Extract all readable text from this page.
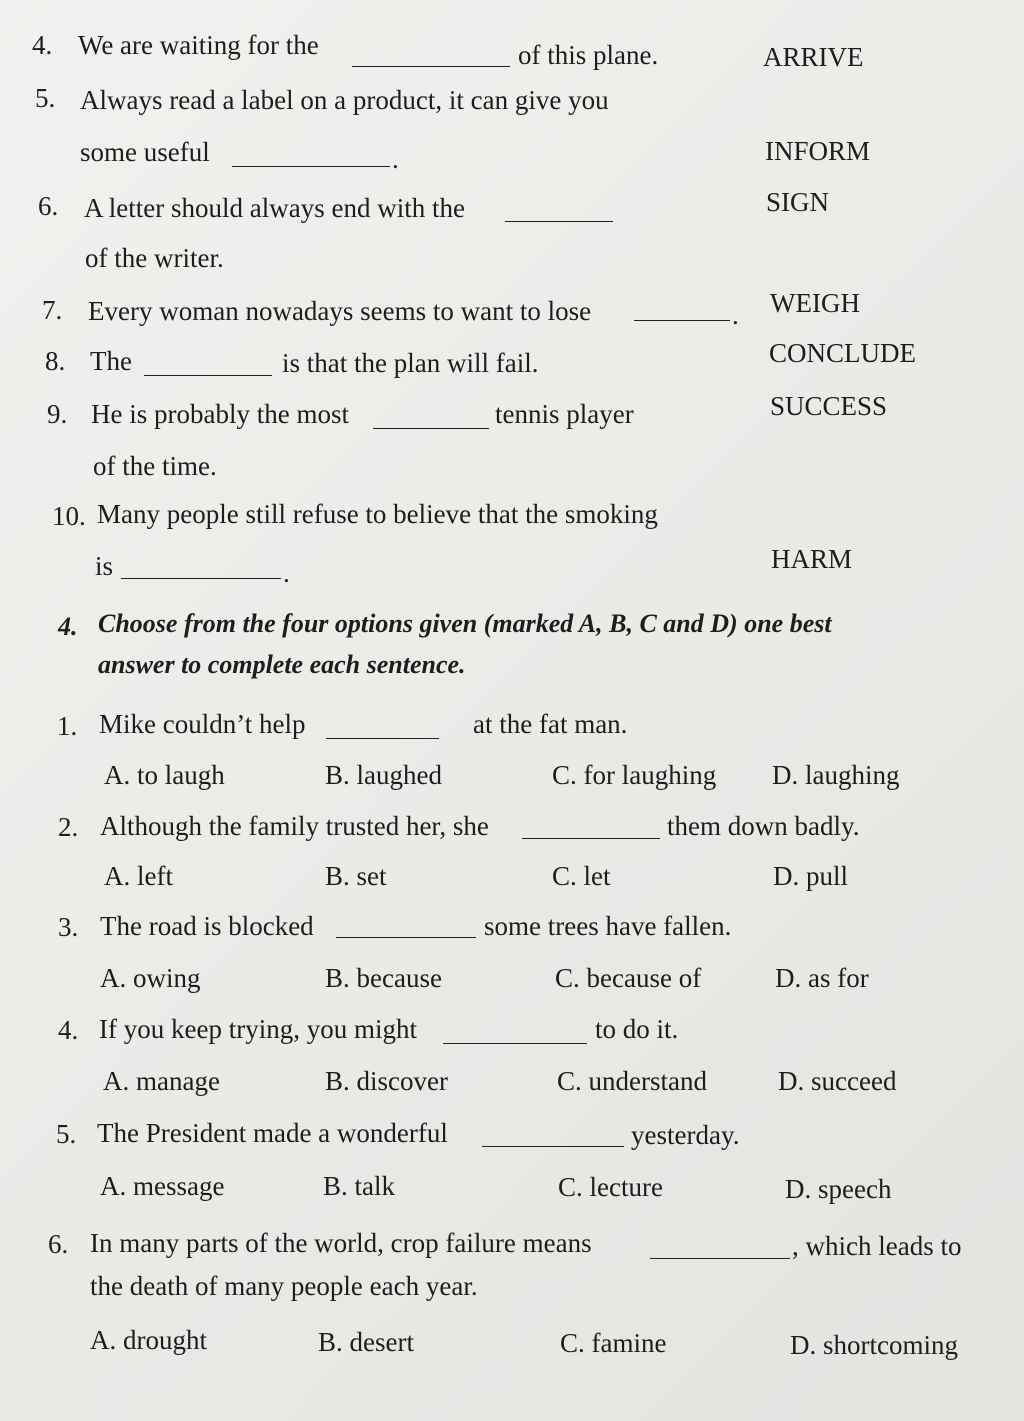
4. We are waiting for the	of this plane.	ARRIVE
5. Always read a label on a product, it can give you
some useful	.	INFORM
6. A letter should always end with the
of the writer.
SIGN
7. Every woman nowadays seems to want to lose	. WEIGH
8. The	is that the plan will fail.	CONCLUDE
9. He is probably the most	tennis player
of the time.
SUCCESS
10. Many people still refuse to believe that the smoking
is	.	HARM
4. Choose from the four options given (marked A, B, C and D) one best
answer to complete each sentence.
1. Mike couldn’t help	at the fat man.
A. to laugh	B. laughed	C. for laughing D. laughing
2. Although the family trusted her, she	them down badly.
A. left	B. set	C. let	D. pull
3. The road is blocked	some trees have fallen.
A. owing	B. because	C. because of	D. as for
4. If you keep trying, you might	to do it.
A. manage	B. discover	C. understand	D. succeed
5. The President made a wonderful	yesterday.
A. message	B. talk	C. lecture	D. speech
6. In many parts of the world, crop failure means	, which leads to
the death of many people each year.
A. drought	B. desert	C. famine	D. shortcoming
